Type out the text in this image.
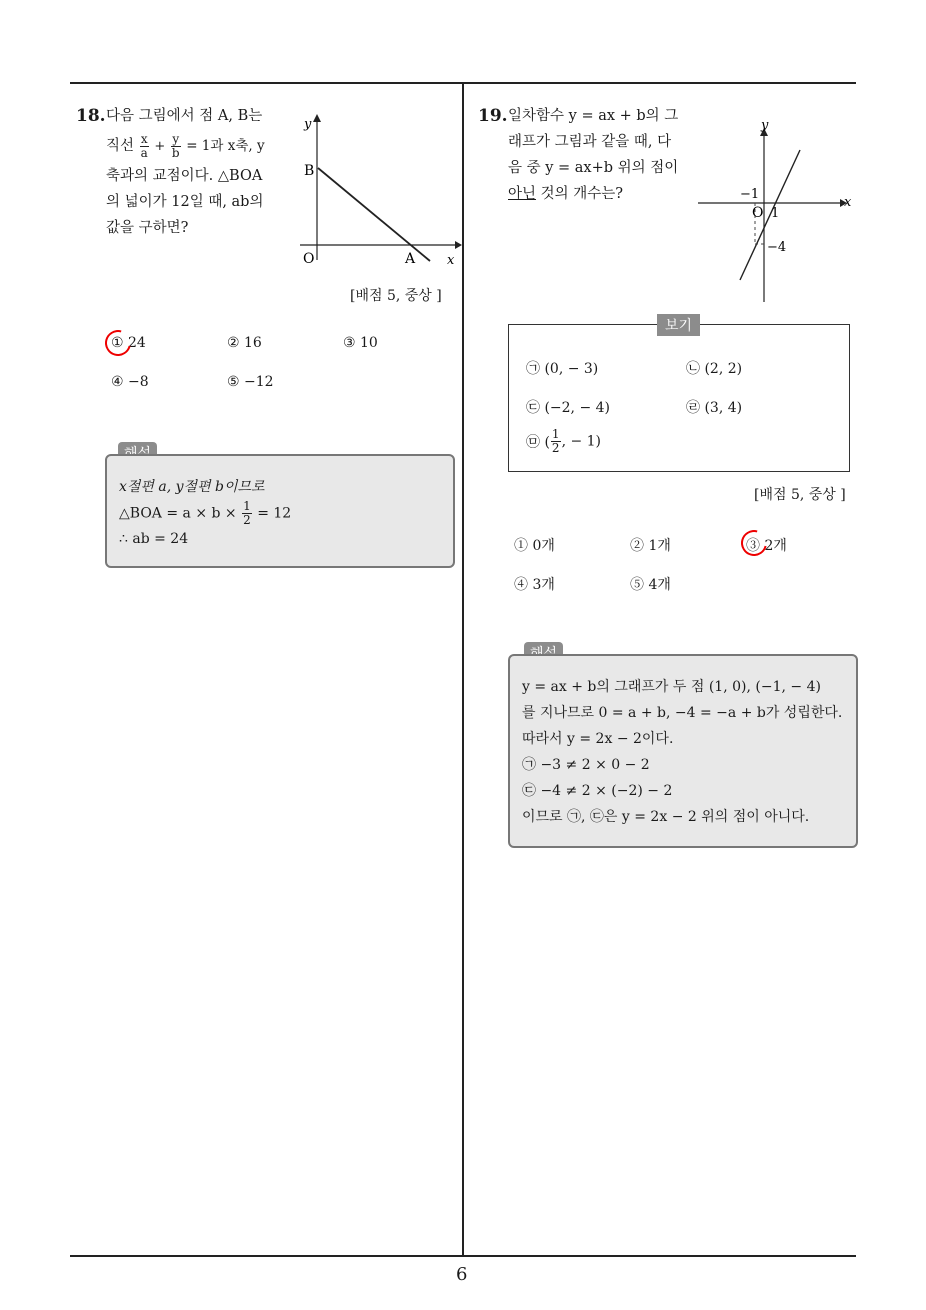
6
18. 다음 그림에서 점 A, B는
직선 $\frac{x}{a} + \frac{y}{b} = 1$과 x축, y
축과의 교점이다. △BOA
의 넓이가 12일 때, ab의
값을 구하면?
y
x
O
B
A
[배점 5, 중상 ]
① 24	② 16	③ 10
④ −8	⑤ −12
x절편 a, y절편 b이므로
△BOA = $a \times b \times \frac{1}{2} = 12$
∴ ab = 24
19. 일차함수 y = ax + b의 그
래프가 그림과 같을 때, 다
음 중 y = ax+b 위의 점이
아닌 것의 개수는?
y
x
−1
O 1
−4
보기
㉠ (0, − 3)	㉡ (2, 2)
㉢ (−2, − 4)	㉣ (3, 4)
㉤ ( $\frac{1}{2}$ , − 1)
[배점 5, 중상 ]
① 0개	② 1개	③ 2개
④ 3개	⑤ 4개
y = ax + b의 그래프가 두 점 (1, 0), (−1, − 4)
를 지나므로 0 = a + b, −4 = −a + b가 성립한다.
따라서 y = 2x − 2이다.
㉠ −3 ≠ 2 × 0 − 2
㉢ −4 ≠ 2 × (−2) − 2
이므로 ㉠, ㉢은 y = 2x − 2 위의 점이 아니다.
